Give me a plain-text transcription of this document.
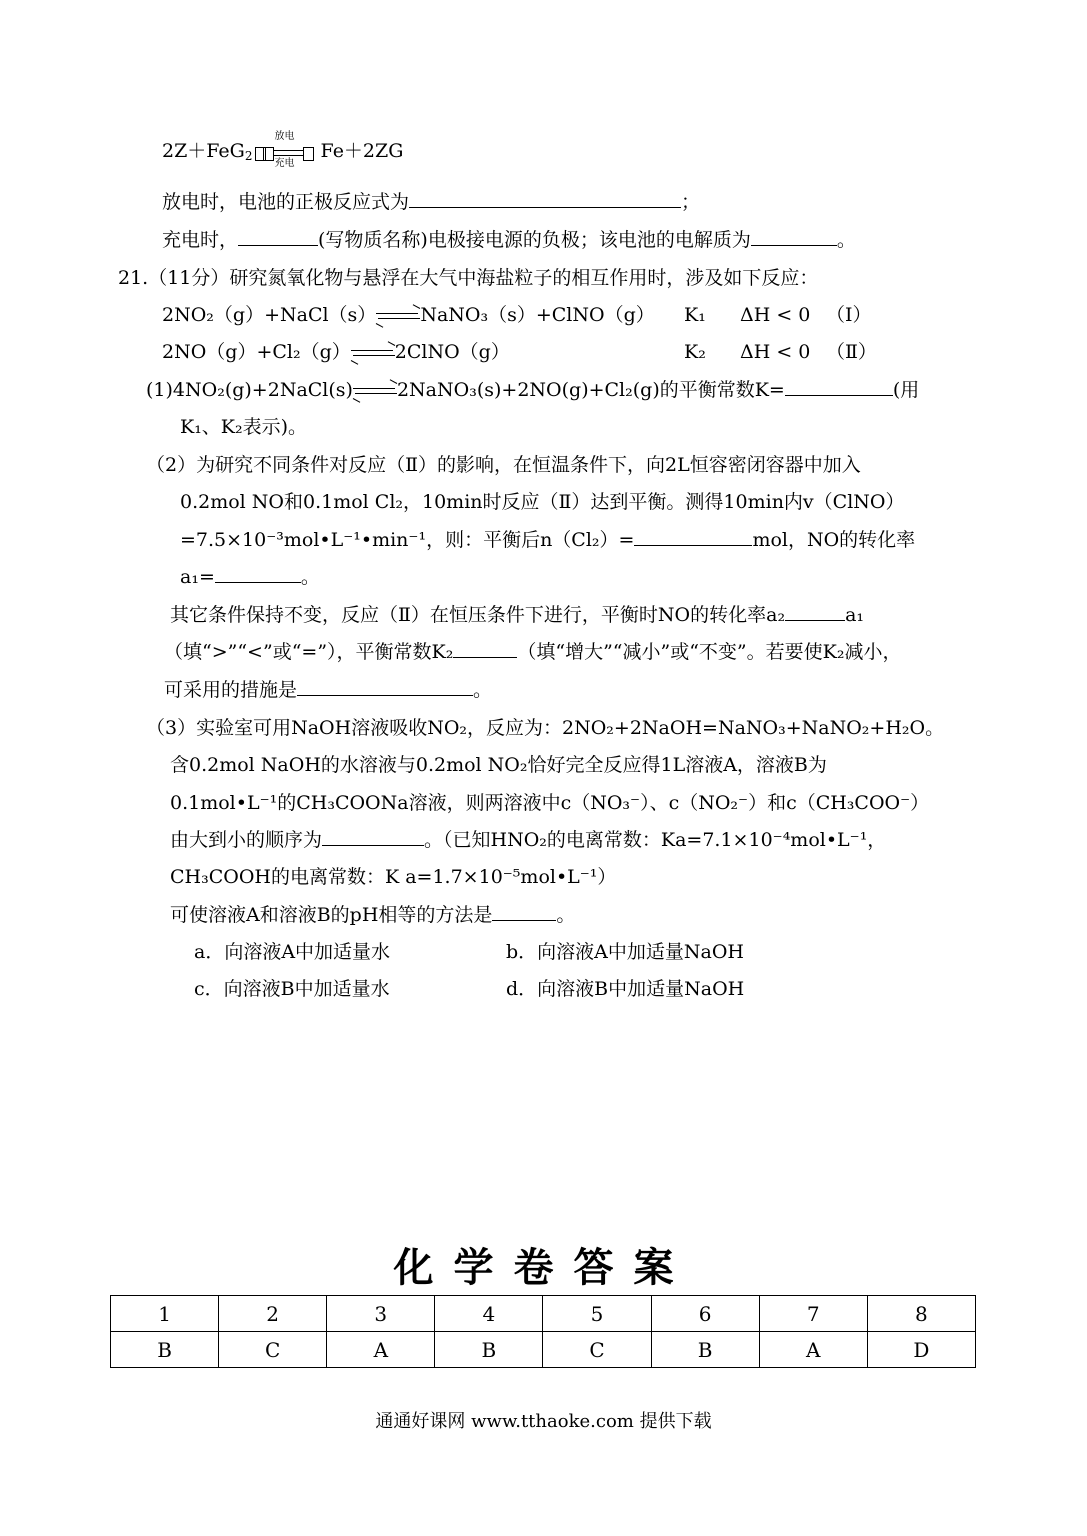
2Z＋FeG$_2$
放电
充电
Fe＋2ZG
放电时，电池的正极反应式为	；
充电时，	(写物质名称)电极接电源的负极；该电池的电解质为	。
21.（11分）研究氮氧化物与悬浮在大气中海盐粒子的相互作用时，涉及如下反应：
2NO₂（g）+NaCl（s） NaNO₃（s）+ClNO（g） K₁ ΔH < 0 （Ⅰ）
2NO（g）+Cl₂（g） 2ClNO（g）	K₂ ΔH < 0 （Ⅱ）
(1)4NO₂(g)+2NaCl(s) 2NaNO₃(s)+2NO(g)+Cl₂(g)的平衡常数K=	(用
K₁、K₂表示)。
（2）为研究不同条件对反应（Ⅱ）的影响，在恒温条件下，向2L恒容密闭容器中加入
0.2mol NO和0.1mol Cl₂，10min时反应（Ⅱ）达到平衡。测得10min内v（ClNO）
=7.5×10⁻³mol•L⁻¹•min⁻¹，则：平衡后n（Cl₂）=	mol，NO的转化率
a₁=	。
其它条件保持不变，反应（Ⅱ）在恒压条件下进行，平衡时NO的转化率a₂	a₁
（填“>”“<”或“=”），平衡常数K₂	（填“增大”“减小”或“不变”。若要使K₂减小，
可采用的措施是	。
（3）实验室可用NaOH溶液吸收NO₂，反应为：2NO₂+2NaOH=NaNO₃+NaNO₂+H₂O。
含0.2mol NaOH的水溶液与0.2mol NO₂恰好完全反应得1L溶液A，溶液B为
0.1mol•L⁻¹的CH₃COONa溶液，则两溶液中c（NO₃⁻）、c（NO₂⁻）和c（CH₃COO⁻）
由大到小的顺序为	。（已知HNO₂的电离常数：Ka=7.1×10⁻⁴mol•L⁻¹，
CH₃COOH的电离常数：K a=1.7×10⁻⁵mol•L⁻¹）
可使溶液A和溶液B的pH相等的方法是	。
a．向溶液A中加适量水	b．向溶液A中加适量NaOH
c．向溶液B中加适量水	d．向溶液B中加适量NaOH
化学卷答案
1	2	3	4	5	6	7	8
B	C	A	B	C	B	A	D
通通好课网 www.tthaoke.com 提供下载
